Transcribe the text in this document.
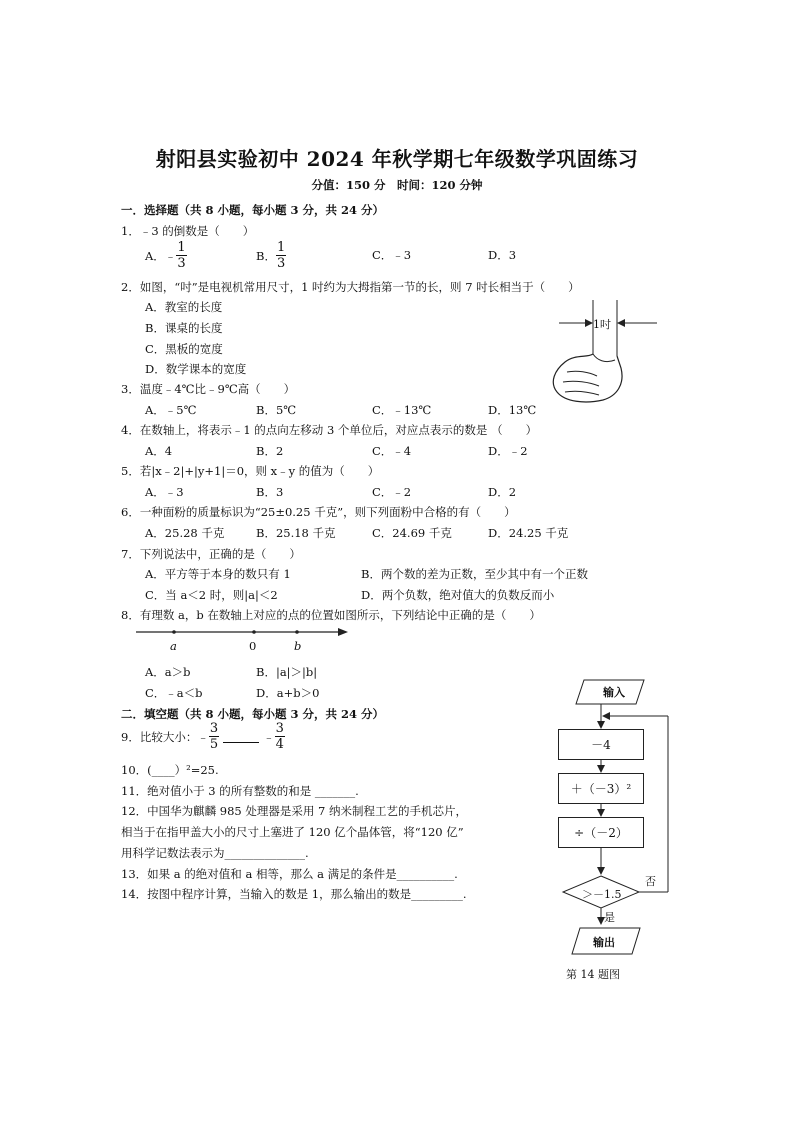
射阳县实验初中 2024 年秋学期七年级数学巩固练习
分值：150 分　时间：120 分钟
一．选择题（共 8 小题，每小题 3 分，共 24 分）
1．﹣3 的倒数是（　　）
A．﹣ $\frac{1}{3}$	B． $\frac{1}{3}$	C．﹣3	D．3
2．如图，“吋”是电视机常用尺寸，1 吋约为大拇指第一节的长，则 7 吋长相当于（　　）
A．教室的长度
B．课桌的长度
C．黑板的宽度
D．数学课本的宽度
1吋
3．温度﹣4℃比﹣9℃高（　　）
A．﹣5℃	B．5℃	C．﹣13℃	D．13℃
4．在数轴上，将表示﹣1 的点向左移动 3 个单位后，对应点表示的数是 （　　）
A．4	B．2	C．﹣4	D．﹣2
5．若|x﹣2|+|y+1|＝0，则 x﹣y 的值为（　　）
A．﹣3	B．3	C．﹣2	D．2
6．一种面粉的质量标识为“25±0.25 千克”，则下列面粉中合格的有（　　）
A．25.28 千克	B．25.18 千克	C．24.69 千克	D．24.25 千克
7．下列说法中，正确的是（　　）
A．平方等于本身的数只有 1	B．两个数的差为正数，至少其中有一个正数
C．当 a＜2 时，则|a|＜2	D．两个负数，绝对值大的负数反而小
8．有理数 a，b 在数轴上对应的点的位置如图所示，下列结论中正确的是（　　）
a	0	b
A．a＞b	B．|a|＞|b|
C．﹣a＜b	D．a+b＞0
二．填空题（共 8 小题，每小题 3 分，共 24 分）
9．比较大小：﹣ $\frac{3}{5}$	﹣ $\frac{3}{4}$
10．(____）²=25.
11．绝对值小于 3 的所有整数的和是 _______.
12．中国华为麒麟 985 处理器是采用 7 纳米制程工艺的手机芯片，
相当于在指甲盖大小的尺寸上塞进了 120 亿个晶体管，将“120 亿”
用科学记数法表示为______________.
13．如果 a 的绝对值和 a 相等，那么 a 满足的条件是__________.
14．按图中程序计算，当输入的数是 1，那么输出的数是_________.
输入
－4
＋（－3）²
÷（－2）
＞－1.5
否
是
输出
第 14 题图
